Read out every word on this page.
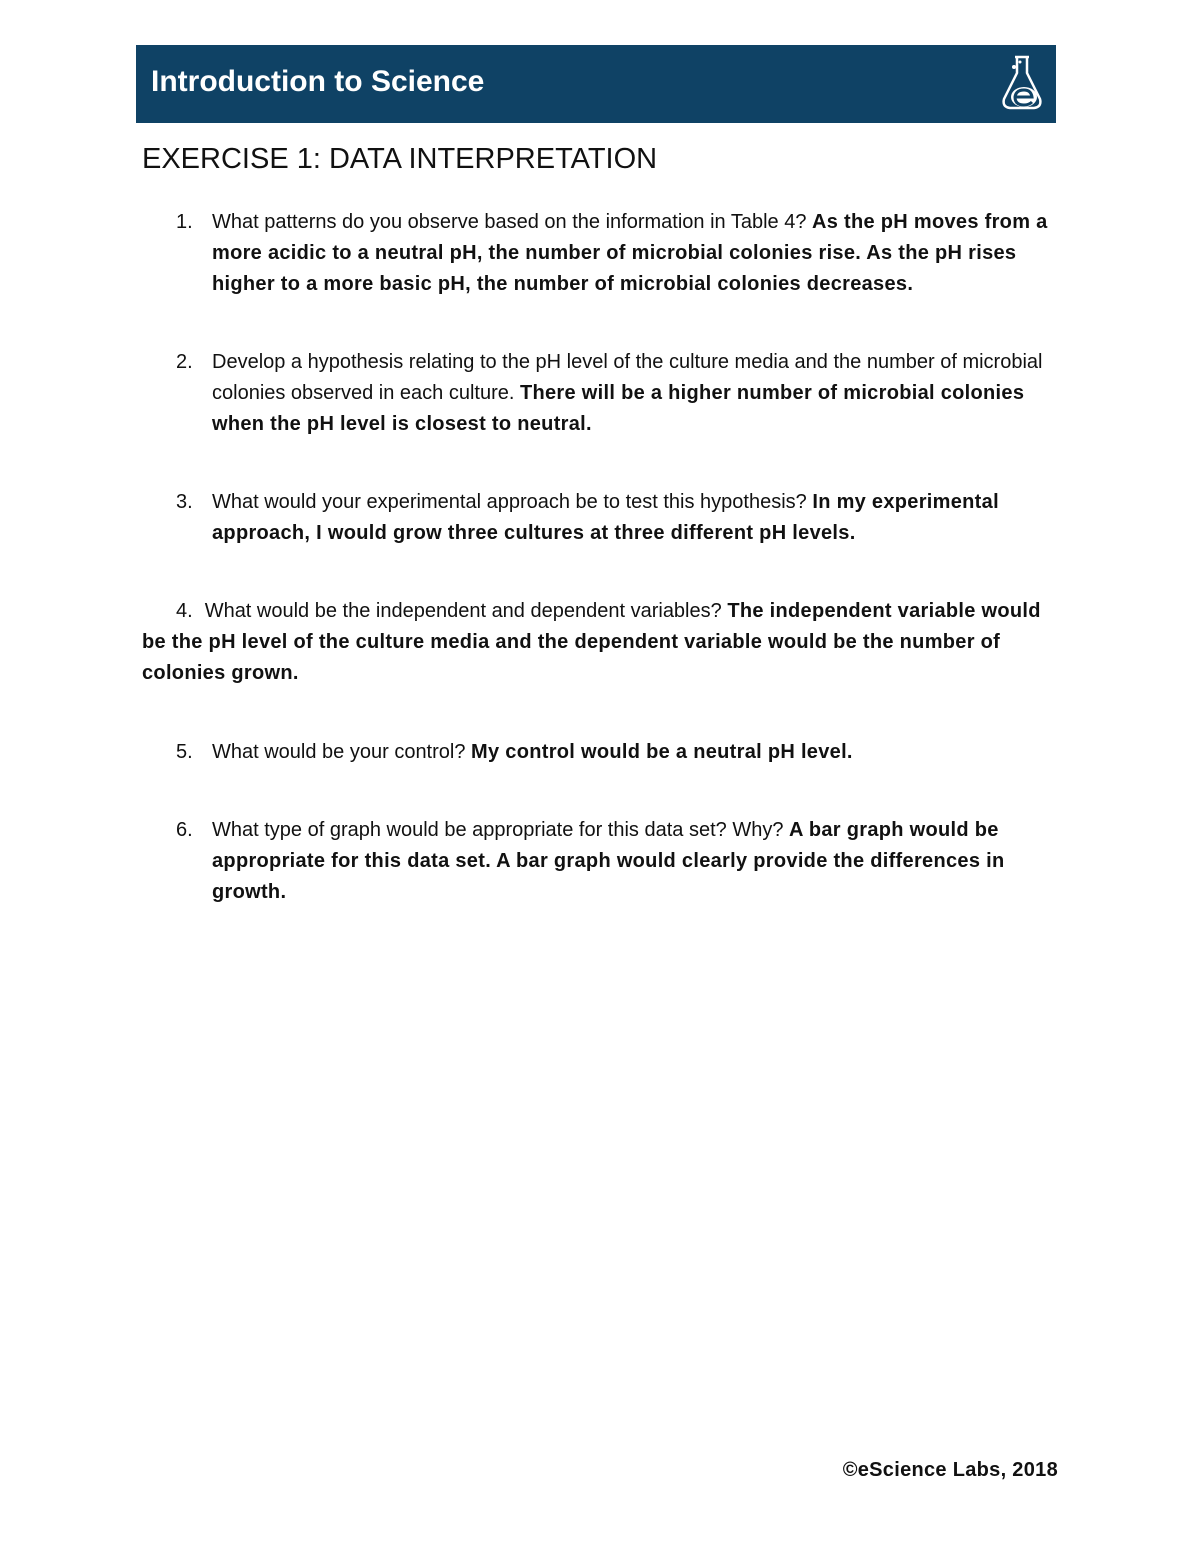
Introduction to Science
EXERCISE 1: DATA INTERPRETATION
1. What patterns do you observe based on the information in Table 4? As the pH moves from a more acidic to a neutral pH, the number of microbial colonies rise. As the pH rises higher to a more basic pH, the number of microbial colonies decreases.
2. Develop a hypothesis relating to the pH level of the culture media and the number of microbial colonies observed in each culture. There will be a higher number of microbial colonies when the pH level is closest to neutral.
3. What would your experimental approach be to test this hypothesis? In my experimental approach, I would grow three cultures at three different pH levels.
4. What would be the independent and dependent variables? The independent variable would be the pH level of the culture media and the dependent variable would be the number of colonies grown.
5. What would be your control? My control would be a neutral pH level.
6. What type of graph would be appropriate for this data set? Why? A bar graph would be appropriate for this data set. A bar graph would clearly provide the differences in growth.
©eScience Labs, 2018
